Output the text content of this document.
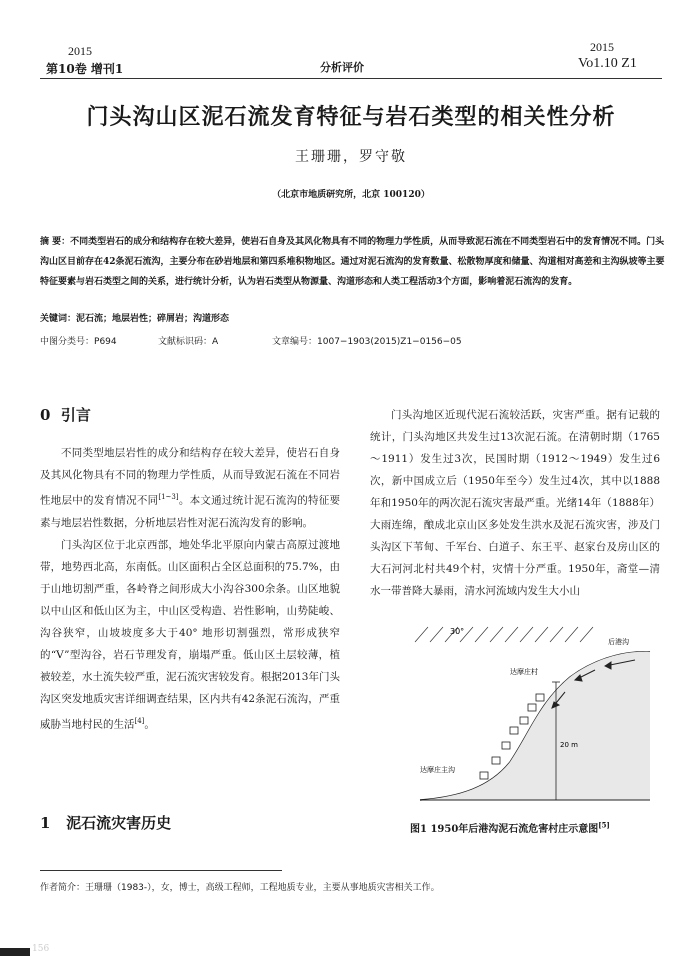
2015
第10卷 增刊1	分析评价
2015
Vo1.10 Z1
门头沟山区泥石流发育特征与岩石类型的相关性分析
王珊珊，罗守敬
（北京市地质研究所，北京 100120）
摘 要：不同类型岩石的成分和结构存在较大差异，使岩石自身及其风化物具有不同的物理力学性质，从而导致泥石流在不同类型岩石中的发育情况不同。门头沟山区目前存在42条泥石流沟，主要分布在砂岩地层和第四系堆积物地区。通过对泥石流沟的发育数量、松散物厚度和储量、沟道相对高差和主沟纵坡等主要特征要素与岩石类型之间的关系，进行统计分析，认为岩石类型从物源量、沟道形态和人类工程活动3个方面，影响着泥石流沟的发育。
关键词：泥石流；地层岩性；碎屑岩；沟道形态
中图分类号：P694	文献标识码：A	文章编号：1007−1903(2015)Z1−0156−05
0 引言

不同类型地层岩性的成分和结构存在较大差异，使岩石自身及其风化物具有不同的物理力学性质，从而导致泥石流在不同岩性地层中的发育情况不同[1~3]。本文通过统计泥石流沟的特征要素与地层岩性数据，分析地层岩性对泥石流沟发育的影响。

门头沟区位于北京西部，地处华北平原向内蒙古高原过渡地带，地势西北高，东南低。山区面积占全区总面积的75.7%，由于山地切割严重，各岭脊之间形成大小沟谷300余条。山区地貌以中山区和低山区为主，中山区受构造、岩性影响，山势陡峻、沟谷狭窄，山坡坡度多大于40° 地形切割强烈，常形成狭窄的“V”型沟谷，岩石节理发育，崩塌严重。低山区土层较薄，植被较差，水土流失较严重，泥石流灾害较发育。根据2013年门头沟区突发地质灾害详细调查结果，区内共有42条泥石流沟，严重威胁当地村民的生活[4]。

1 泥石流灾害历史

门头沟地区近现代泥石流较活跃，灾害严重。据有记载的统计，门头沟地区共发生过13次泥石流。在清朝时期（1765～1911）发生过3次，民国时期（1912～1949）发生过6次，新中国成立后（1950年至今）发生过4次，其中以1888年和1950年的两次泥石流灾害最严重。光绪14年（1888年）大雨连绵，酿成北京山区多处发生洪水及泥石流灾害，涉及门头沟区下苇甸、千军台、白道子、东王平、赵家台及房山区的大石河河北村共49个村，灾情十分严重。1950年，斋堂—清水一带普降大暴雨，清水河流域内发生大小山

30°
20 m
达摩庄村
后港沟
达摩庄主沟
图1 1950年后港沟泥石流危害村庄示意图[5]
作者简介：王珊珊（1983-），女，博士，高级工程师，工程地质专业，主要从事地质灾害相关工作。
156
